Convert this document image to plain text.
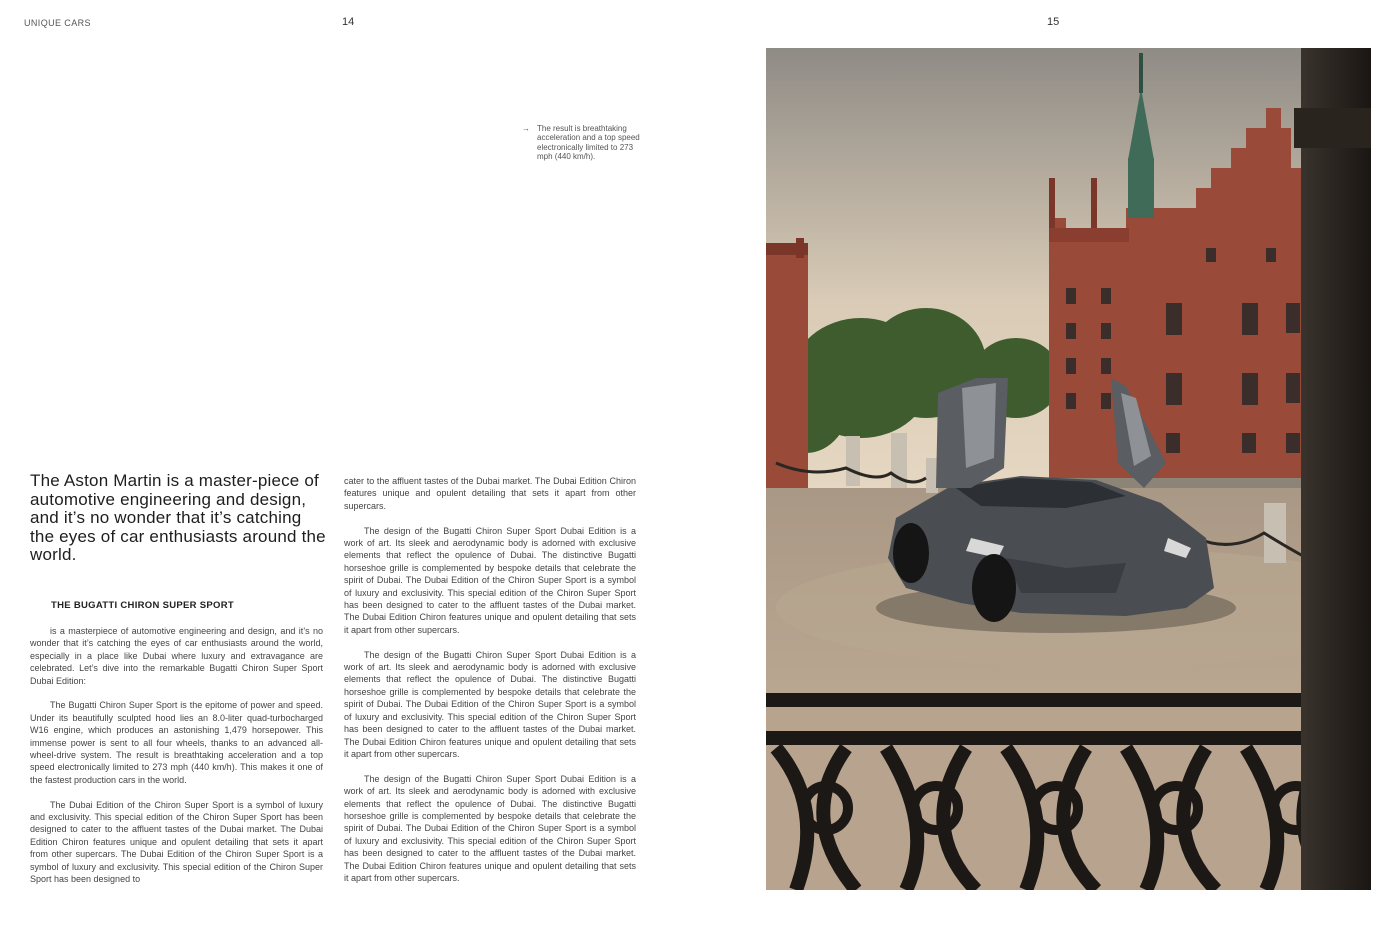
UNIQUE CARS	14
→ The result is breathtaking acceleration and a top speed electronically limited to 273 mph (440 km/h).
The Aston Martin is a master-piece of automotive engineering and design, and it’s no wonder that it’s catching the eyes of car enthusiasts around the world.
THE BUGATTI CHIRON SUPER SPORT

is a masterpiece of automotive engineering and design, and it’s no wonder that it’s catching the eyes of car enthusiasts around the world, especially in a place like Dubai where luxury and extravagance are celebrated. Let’s dive into the remarkable Bugatti Chiron Super Sport Dubai Edition:

The Bugatti Chiron Super Sport is the epitome of power and speed. Under its beautifully sculpted hood lies an 8.0-liter quad-turbocharged W16 engine, which produces an astonishing 1,479 horsepower. This immense power is sent to all four wheels, thanks to an advanced all-wheel-drive system. The result is breathtaking acceleration and a top speed electronically limited to 273 mph (440 km/h). This makes it one of the fastest production cars in the world.

The Dubai Edition of the Chiron Super Sport is a symbol of luxury and exclusivity. This special edition of the Chiron Super Sport has been designed to cater to the affluent tastes of the Dubai market. The Dubai Edition Chiron features unique and opulent detailing that sets it apart from other supercars. The Dubai Edition of the Chiron Super Sport is a symbol of luxury and exclusivity. This special edition of the Chiron Super Sport has been designed to

cater to the affluent tastes of the Dubai market. The Dubai Edition Chiron features unique and opulent detailing that sets it apart from other supercars.

The design of the Bugatti Chiron Super Sport Dubai Edition is a work of art. Its sleek and aerodynamic body is adorned with exclusive elements that reflect the opulence of Dubai. The distinctive Bugatti horseshoe grille is complemented by bespoke details that celebrate the spirit of Dubai. The Dubai Edition of the Chiron Super Sport is a symbol of luxury and exclusivity. This special edition of the Chiron Super Sport has been designed to cater to the affluent tastes of the Dubai market. The Dubai Edition Chiron features unique and opulent detailing that sets it apart from other supercars.

The design of the Bugatti Chiron Super Sport Dubai Edition is a work of art. Its sleek and aerodynamic body is adorned with exclusive elements that reflect the opulence of Dubai. The distinctive Bugatti horseshoe grille is complemented by bespoke details that celebrate the spirit of Dubai. The Dubai Edition of the Chiron Super Sport is a symbol of luxury and exclusivity. This special edition of the Chiron Super Sport has been designed to cater to the affluent tastes of the Dubai market. The Dubai Edition Chiron features unique and opulent detailing that sets it apart from other supercars.

The design of the Bugatti Chiron Super Sport Dubai Edition is a work of art. Its sleek and aerodynamic body is adorned with exclusive elements that reflect the opulence of Dubai. The distinctive Bugatti horseshoe grille is complemented by bespoke details that celebrate the spirit of Dubai. The Dubai Edition of the Chiron Super Sport is a symbol of luxury and exclusivity. This special edition of the Chiron Super Sport has been designed to cater to the affluent tastes of the Dubai market. The Dubai Edition Chiron features unique and opulent detailing that sets it apart from other supercars.

15
